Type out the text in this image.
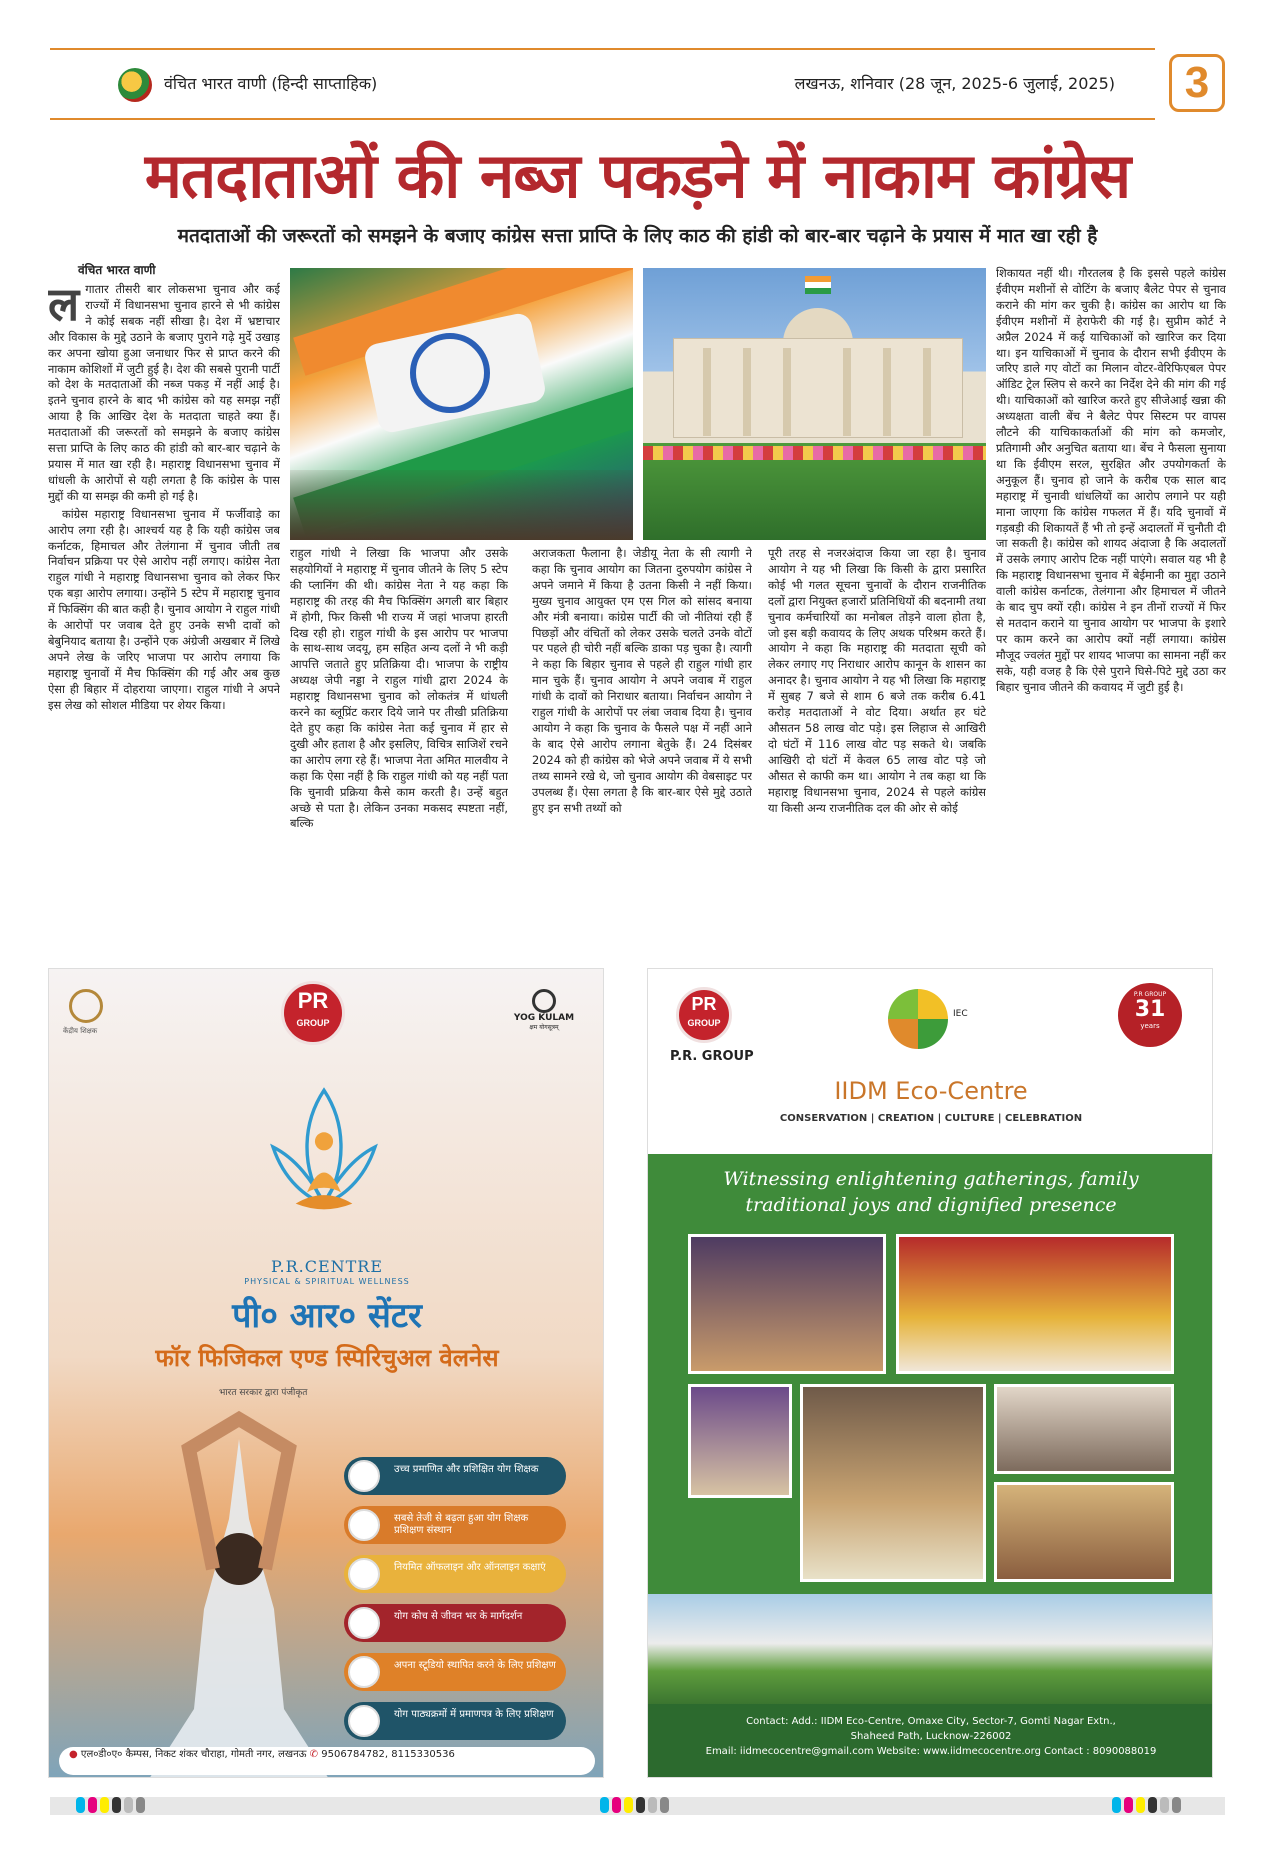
वंचित भारत वाणी (हिन्दी साप्ताहिक)	लखनऊ, शनिवार (28 जून, 2025-6 जुलाई, 2025)	3
मतदाताओं की नब्ज पकड़ने में नाकाम कांग्रेस
मतदाताओं की जरूरतों को समझने के बजाए कांग्रेस सत्ता प्राप्ति के लिए काठ की हांडी को बार-बार चढ़ाने के प्रयास में मात खा रही है
वंचित भारत वाणी

लगातार तीसरी बार लोकसभा चुनाव और कई राज्यों में विधानसभा चुनाव हारने से भी कांग्रेस ने कोई सबक नहीं सीखा है। देश में भ्रष्टाचार और विकास के मुद्दे उठाने के बजाए पुराने गढ़े मुर्दे उखाड़ कर अपना खोया हुआ जनाधार फिर से प्राप्त करने की नाकाम कोशिशों में जुटी हुई है। देश की सबसे पुरानी पार्टी को देश के मतदाताओं की नब्ज पकड़ में नहीं आई है। इतने चुनाव हारने के बाद भी कांग्रेस को यह समझ नहीं आया है कि आखिर देश के मतदाता चाहते क्या हैं। मतदाताओं की जरूरतों को समझने के बजाए कांग्रेस सत्ता प्राप्ति के लिए काठ की हांडी को बार-बार चढ़ाने के प्रयास में मात खा रही है। महाराष्ट्र विधानसभा चुनाव में धांधली के आरोपों से यही लगता है कि कांग्रेस के पास मुद्दों की या समझ की कमी हो गई है।

कांग्रेस महाराष्ट्र विधानसभा चुनाव में फर्जीवाड़े का आरोप लगा रही है। आश्चर्य यह है कि यही कांग्रेस जब कर्नाटक, हिमाचल और तेलंगाना में चुनाव जीती तब निर्वाचन प्रक्रिया पर ऐसे आरोप नहीं लगाए। कांग्रेस नेता राहुल गांधी ने महाराष्ट्र विधानसभा चुनाव को लेकर फिर एक बड़ा आरोप लगाया। उन्होंने 5 स्टेप में महाराष्ट्र चुनाव में फिक्सिंग की बात कही है। चुनाव आयोग ने राहुल गांधी के आरोपों पर जवाब देते हुए उनके सभी दावों को बेबुनियाद बताया है। उन्होंने एक अंग्रेजी अखबार में लिखे अपने लेख के जरिए भाजपा पर आरोप लगाया कि महाराष्ट्र चुनावों में मैच फिक्सिंग की गई और अब कुछ ऐसा ही बिहार में दोहराया जाएगा। राहुल गांधी ने अपने इस लेख को सोशल मीडिया पर शेयर किया।

राहुल गांधी ने लिखा कि भाजपा और उसके सहयोगियों ने महाराष्ट्र में चुनाव जीतने के लिए 5 स्टेप की प्लानिंग की थी। कांग्रेस नेता ने यह कहा कि महाराष्ट्र की तरह की मैच फिक्सिंग अगली बार बिहार में होगी, फिर किसी भी राज्य में जहां भाजपा हारती दिख रही हो। राहुल गांधी के इस आरोप पर भाजपा के साथ-साथ जदयू, हम सहित अन्य दलों ने भी कड़ी आपत्ति जताते हुए प्रतिक्रिया दी। भाजपा के राष्ट्रीय अध्यक्ष जेपी नड्डा ने राहुल गांधी द्वारा 2024 के महाराष्ट्र विधानसभा चुनाव को लोकतंत्र में धांधली करने का ब्लूप्रिंट करार दिये जाने पर तीखी प्रतिक्रिया देते हुए कहा कि कांग्रेस नेता कई चुनाव में हार से दुखी और हताश है और इसलिए, विचित्र साजिशें रचने का आरोप लगा रहे हैं। भाजपा नेता अमित मालवीय ने कहा कि ऐसा नहीं है कि राहुल गांधी को यह नहीं पता कि चुनावी प्रक्रिया कैसे काम करती है। उन्हें बहुत अच्छे से पता है। लेकिन उनका मकसद स्पष्टता नहीं, बल्कि

अराजकता फैलाना है। जेडीयू नेता के सी त्यागी ने कहा कि चुनाव आयोग का जितना दुरुपयोग कांग्रेस ने अपने जमाने में किया है उतना किसी ने नहीं किया। मुख्य चुनाव आयुक्त एम एस गिल को सांसद बनाया और मंत्री बनाया। कांग्रेस पार्टी की जो नीतियां रही हैं पिछड़ों और वंचितों को लेकर उसके चलते उनके वोटों पर पहले ही चोरी नहीं बल्कि डाका पड़ चुका है। त्यागी ने कहा कि बिहार चुनाव से पहले ही राहुल गांधी हार मान चुके हैं। चुनाव आयोग ने अपने जवाब में राहुल गांधी के दावों को निराधार बताया। निर्वाचन आयोग ने राहुल गांधी के आरोपों पर लंबा जवाब दिया है। चुनाव आयोग ने कहा कि चुनाव के फैसले पक्ष में नहीं आने के बाद ऐसे आरोप लगाना बेतुके हैं। 24 दिसंबर 2024 को ही कांग्रेस को भेजे अपने जवाब में ये सभी तथ्य सामने रखे थे, जो चुनाव आयोग की वेबसाइट पर उपलब्ध हैं। ऐसा लगता है कि बार-बार ऐसे मुद्दे उठाते हुए इन सभी तथ्यों को

पूरी तरह से नजरअंदाज किया जा रहा है। चुनाव आयोग ने यह भी लिखा कि किसी के द्वारा प्रसारित कोई भी गलत सूचना चुनावों के दौरान राजनीतिक दलों द्वारा नियुक्त हजारों प्रतिनिधियों की बदनामी तथा चुनाव कर्मचारियों का मनोबल तोड़ने वाला होता है, जो इस बड़ी कवायद के लिए अथक परिश्रम करते हैं। आयोग ने कहा कि महाराष्ट्र की मतदाता सूची को लेकर लगाए गए निराधार आरोप कानून के शासन का अनादर है। चुनाव आयोग ने यह भी लिखा कि महाराष्ट्र में सुबह 7 बजे से शाम 6 बजे तक करीब 6.41 करोड़ मतदाताओं ने वोट दिया। अर्थात हर घंटे औसतन 58 लाख वोट पड़े। इस लिहाज से आखिरी दो घंटों में 116 लाख वोट पड़ सकते थे। जबकि आखिरी दो घंटों में केवल 65 लाख वोट पड़े जो औसत से काफी कम था। आयोग ने तब कहा था कि महाराष्ट्र विधानसभा चुनाव, 2024 से पहले कांग्रेस या किसी अन्य राजनीतिक दल की ओर से कोई

शिकायत नहीं थी। गौरतलब है कि इससे पहले कांग्रेस ईवीएम मशीनों से वोटिंग के बजाए बैलेट पेपर से चुनाव कराने की मांग कर चुकी है। कांग्रेस का आरोप था कि ईवीएम मशीनों में हेराफेरी की गई है। सुप्रीम कोर्ट ने अप्रैल 2024 में कई याचिकाओं को खारिज कर दिया था। इन याचिकाओं में चुनाव के दौरान सभी ईवीएम के जरिए डाले गए वोटों का मिलान वोटर-वेरिफिएबल पेपर ऑडिट ट्रेल स्लिप से करने का निर्देश देने की मांग की गई थी। याचिकाओं को खारिज करते हुए सीजेआई खन्ना की अध्यक्षता वाली बेंच ने बैलेट पेपर सिस्टम पर वापस लौटने की याचिकाकर्ताओं की मांग को कमजोर, प्रतिगामी और अनुचित बताया था। बेंच ने फैसला सुनाया था कि ईवीएम सरल, सुरक्षित और उपयोगकर्ता के अनुकूल हैं। चुनाव हो जाने के करीब एक साल बाद महाराष्ट्र में चुनावी धांधलियों का आरोप लगाने पर यही माना जाएगा कि कांग्रेस गफलत में हैं। यदि चुनावों में गड़बड़ी की शिकायतें हैं भी तो इन्हें अदालतों में चुनौती दी जा सकती है। कांग्रेस को शायद अंदाजा है कि अदालतों में उसके लगाए आरोप टिक नहीं पाएंगे। सवाल यह भी है कि महाराष्ट्र विधानसभा चुनाव में बेईमानी का मुद्दा उठाने वाली कांग्रेस कर्नाटक, तेलंगाना और हिमाचल में जीतने के बाद चुप क्यों रही। कांग्रेस ने इन तीनों राज्यों में फिर से मतदान कराने या चुनाव आयोग पर भाजपा के इशारे पर काम करने का आरोप क्यों नहीं लगाया। कांग्रेस मौजूद ज्वलंत मुद्दों पर शायद भाजपा का सामना नहीं कर सके, यही वजह है कि ऐसे पुराने घिसे-पिटे मुद्दे उठा कर बिहार चुनाव जीतने की कवायद में जुटी हुई है।

केंद्रीय शिक्षक
PR
GROUP	YOG KULAM
क्षम योगसूत्रम्
P.R.CENTRE
PHYSICAL & SPIRITUAL WELLNESS
पी० आर० सेंटर
फॉर फिजिकल एण्ड स्पिरिचुअल वेलनेस
भारत सरकार द्वारा पंजीकृत
उच्च प्रमाणित और प्रशिक्षित योग शिक्षक
सबसे तेजी से बढ़ता हुआ योग शिक्षक प्रशिक्षण संस्थान
नियमित ऑफलाइन और ऑनलाइन कक्षाएं
योग कोच से जीवन भर के मार्गदर्शन
अपना स्टूडियो स्थापित करने के लिए प्रशिक्षण
योग पाठ्यक्रमों में प्रमाणपत्र के लिए प्रशिक्षण
● एल०डी०ए० कैम्पस, निकट शंकर चौराहा, गोमती नगर, लखनऊ ✆ 9506784782, 8115330536
⊕ www.prcentreforphysicalandspiritualwellness.in
PR
GROUP
P.R. GROUP
IEC
P.R GROUP
31
years
IIDM Eco-Centre
CONSERVATION | CREATION | CULTURE | CELEBRATION
Witnessing enlightening gatherings, family traditional joys and dignified presence
Contact: Add.: IIDM Eco-Centre, Omaxe City, Sector-7, Gomti Nagar Extn.,
Shaheed Path, Lucknow-226002
Email: iidmecocentre@gmail.com Website: www.iidmecocentre.org Contact : 8090088019
